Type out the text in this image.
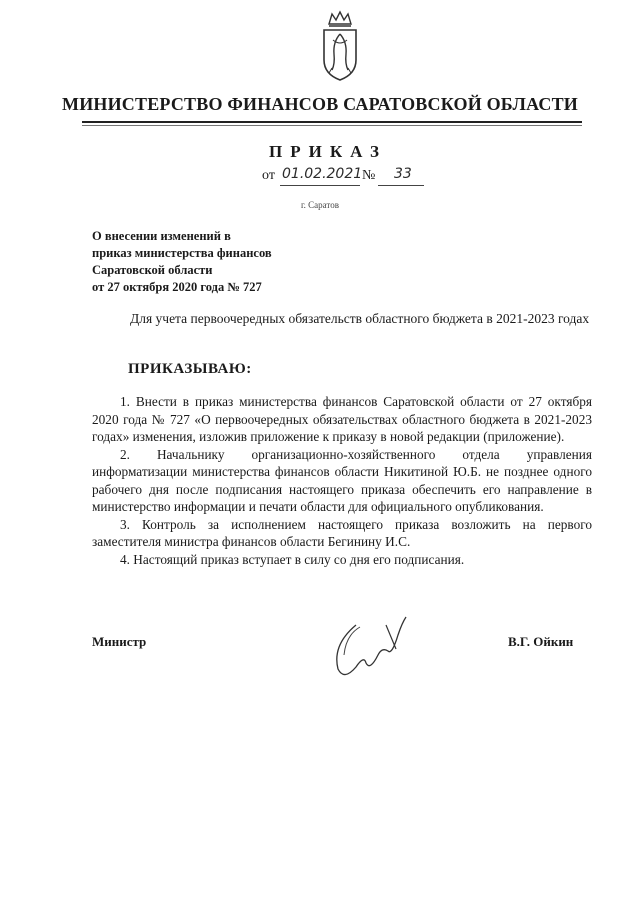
МИНИСТЕРСТВО ФИНАНСОВ САРАТОВСКОЙ ОБЛАСТИ
ПРИКАЗ
от 01.02.2021 № 33
г. Саратов
О внесении изменений в
приказ министерства финансов
Саратовской области
от 27 октября 2020 года № 727
Для учета первоочередных обязательств областного бюджета в 2021-2023 годах
ПРИКАЗЫВАЮ:

1. Внести в приказ министерства финансов Саратовской области от 27 октября 2020 года № 727 «О первоочередных обязательствах областного бюджета в 2021-2023 годах» изменения, изложив приложение к приказу в новой редакции (приложение).

2. Начальнику организационно-хозяйственного отдела управления информатизации министерства финансов области Никитиной Ю.Б. не позднее одного рабочего дня после подписания настоящего приказа обеспечить его направление в министерство информации и печати области для официального опубликования.

3. Контроль за исполнением настоящего приказа возложить на первого заместителя министра финансов области Бегинину И.С.

4. Настоящий приказ вступает в силу со дня его подписания.

Министр	В.Г. Ойкин
